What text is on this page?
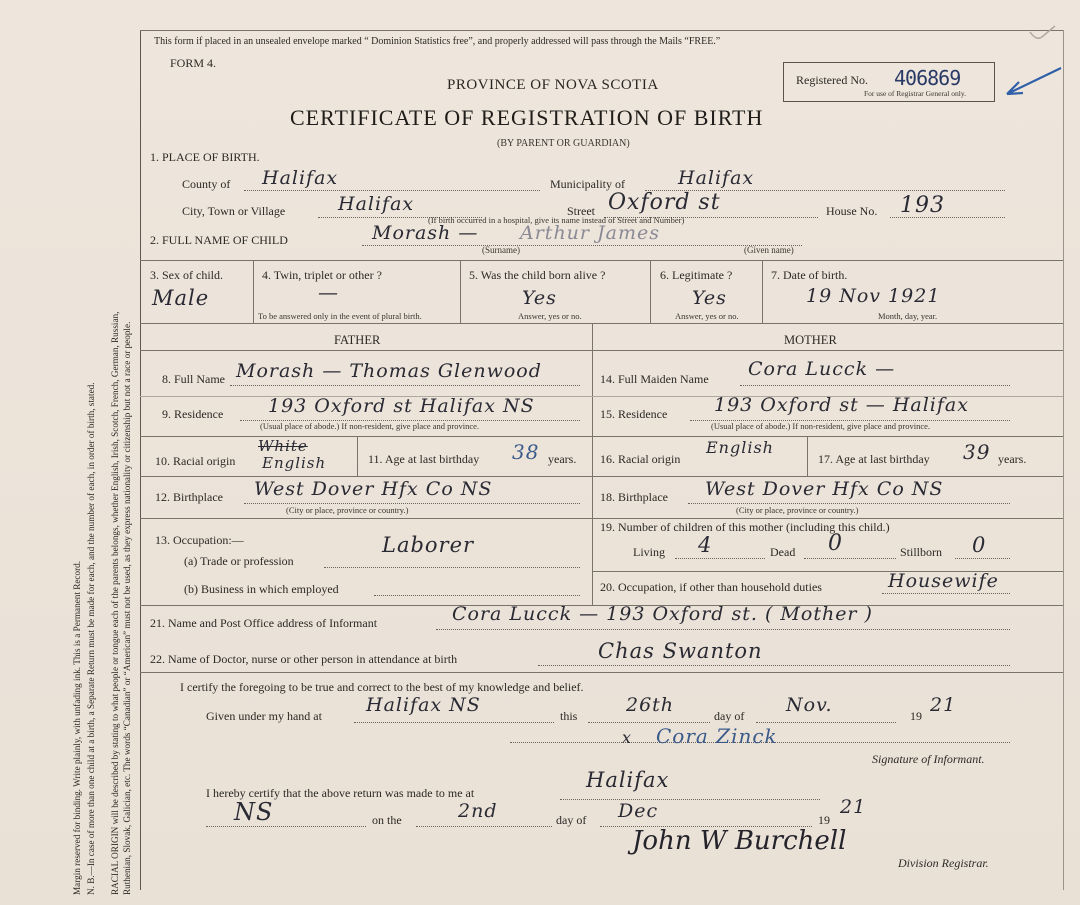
Margin reserved for binding. Write plainly, with unfading ink. This is a Permanent Record. N. B.—In case of more than one child at a birth, a Separate Return must be made for each, and the number of each, in order of birth, stated. RACIAL ORIGIN will be described by stating to what people or tongue each of the parents belongs, whether English, Irish, Scotch, French, German, Russian, Ruthenian, Slovak, Galician, etc. The words “Canadian” or “American” must not be used, as they express nationality or citizenship but not a race or people.
This form if placed in an unsealed envelope marked “ Dominion Statistics free”, and properly addressed will pass through the Mails “FREE.”
FORM 4.
PROVINCE OF NOVA SCOTIA
CERTIFICATE OF REGISTRATION OF BIRTH
(BY PARENT OR GUARDIAN)
Registered No. 406869
For use of Registrar General only.
1. PLACE OF BIRTH.
County of Halifax	Municipality of	Halifax
City, Town or Village	Halifax	Street Oxford st	House No. 193
(If birth occurred in a hospital, give its name instead of Street and Number)
2. FULL NAME OF CHILD	Morash — Arthur James
(Surname)	(Given name)
3. Sex of child.
Male
4. Twin, triplet or other ?
—
To be answered only in the event of plural birth.
5. Was the child born alive ?
Yes
Answer, yes or no.
6. Legitimate ?
Yes
Answer, yes or no.
7. Date of birth.
19 Nov 1921
Month, day, year.
FATHER	MOTHER
8. Full Name Morash — Thomas Glenwood
9. Residence 193 Oxford st Halifax NS
(Usual place of abode.) If non-resident, give place and province.
10. Racial origin
White
English	11. Age at last birthday 38 years.
12. Birthplace West Dover Hfx Co NS
(City or place, province or country.)
13. Occupation:—
(a) Trade or profession
Laborer
(b) Business in which employed
14. Full Maiden Name Cora Lucck —
15. Residence 193 Oxford st — Halifax
(Usual place of abode.) If non-resident, give place and province.
16. Racial origin
English
17. Age at last birthday 39 years.
18. Birthplace West Dover Hfx Co NS
(City or place, province or country.)
19. Number of children of this mother (including this child.)
Living 4	Dead 0	Stillborn 0
20. Occupation, if other than household duties	Housewife
21. Name and Post Office address of Informant	Cora Lucck — 193 Oxford st. ( Mother )
22. Name of Doctor, nurse or other person in attendance at birth	Chas Swanton
I certify the foregoing to be true and correct to the best of my knowledge and belief.
Given under my hand at Halifax NS	this	26th	day of Nov.	19 21
x Cora Zinck
Signature of Informant.
I hereby certify that the above return was made to me at
Halifax
NS	on the	2nd	day of Dec	19
21
John W Burchell
Division Registrar.
